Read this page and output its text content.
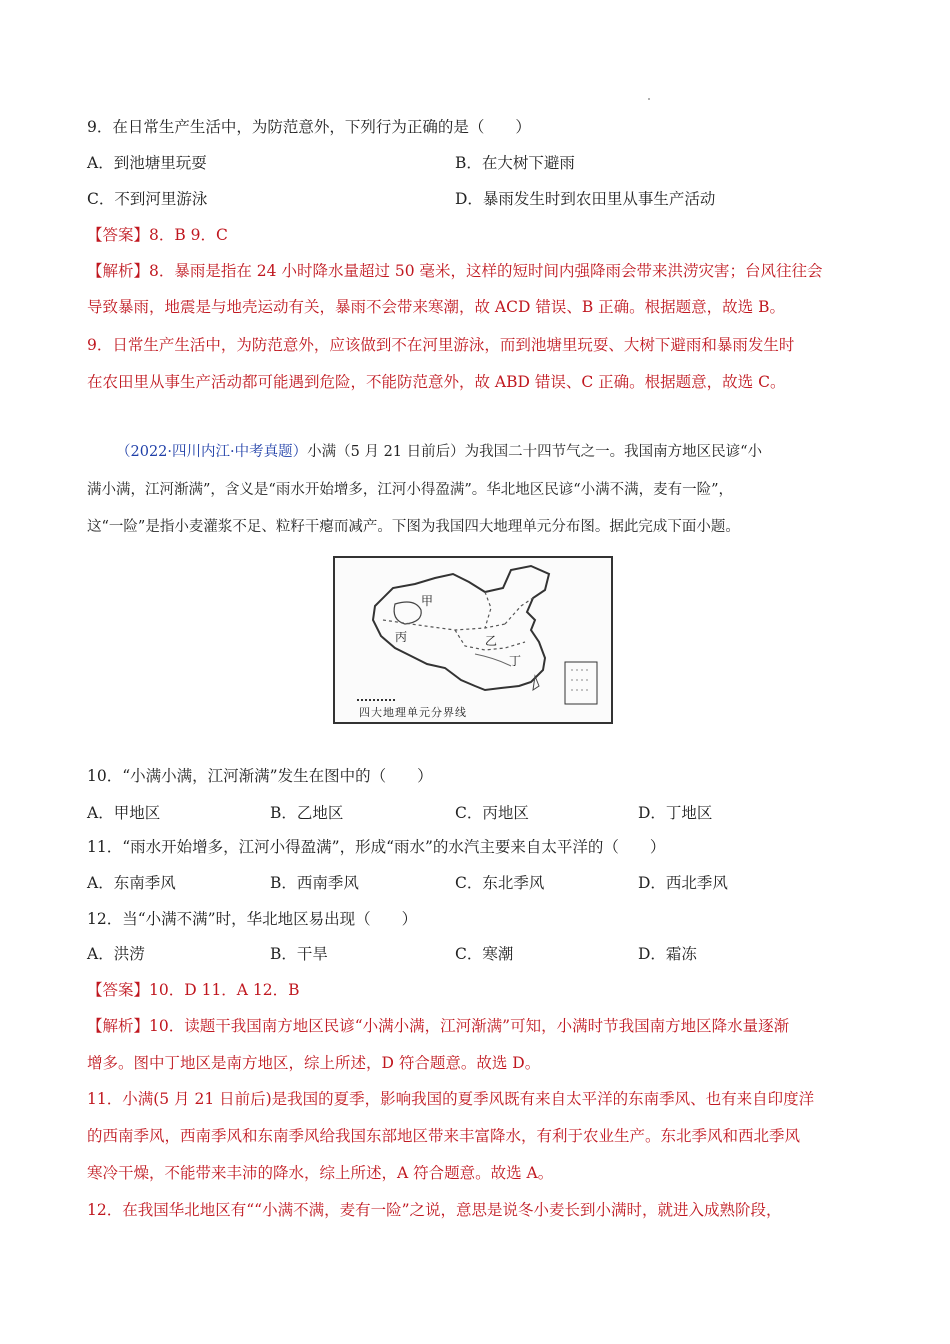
9．在日常生产生活中，为防范意外，下列行为正确的是（　　）
A．到池塘里玩耍	B．在大树下避雨
C．不到河里游泳	D．暴雨发生时到农田里从事生产活动
【答案】8．B 9．C
【解析】8．暴雨是指在 24 小时降水量超过 50 毫米，这样的短时间内强降雨会带来洪涝灾害；台风往往会
导致暴雨，地震是与地壳运动有关，暴雨不会带来寒潮，故 ACD 错误、B 正确。根据题意，故选 B。
9．日常生产生活中，为防范意外，应该做到不在河里游泳，而到池塘里玩耍、大树下避雨和暴雨发生时
在农田里从事生产活动都可能遇到危险，不能防范意外，故 ABD 错误、C 正确。根据题意，故选 C。
（2022·四川内江·中考真题）小满（5 月 21 日前后）为我国二十四节气之一。我国南方地区民谚“小
满小满，江河渐满”，含义是“雨水开始增多，江河小得盈满”。华北地区民谚“小满不满，麦有一险”，
这“一险”是指小麦灌浆不足、粒籽干瘪而减产。下图为我国四大地理单元分布图。据此完成下面小题。
甲
乙
丙
丁
四大地理单元分界线
10．“小满小满，江河渐满”发生在图中的（　　）
A．甲地区	B．乙地区	C．丙地区	D．丁地区
11．“雨水开始增多，江河小得盈满”，形成“雨水”的水汽主要来自太平洋的（　　）
A．东南季风	B．西南季风	C．东北季风	D．西北季风
12．当“小满不满”时，华北地区易出现（　　）
A．洪涝	B．干旱	C．寒潮	D．霜冻
【答案】10．D 11．A 12．B
【解析】10．读题干我国南方地区民谚“小满小满，江河渐满”可知，小满时节我国南方地区降水量逐渐
增多。图中丁地区是南方地区，综上所述，D 符合题意。故选 D。
11．小满(5 月 21 日前后)是我国的夏季，影响我国的夏季风既有来自太平洋的东南季风、也有来自印度洋
的西南季风，西南季风和东南季风给我国东部地区带来丰富降水，有利于农业生产。东北季风和西北季风
寒冷干燥，不能带来丰沛的降水，综上所述，A 符合题意。故选 A。
12．在我国华北地区有““小满不满，麦有一险”之说，意思是说冬小麦长到小满时，就进入成熟阶段，
